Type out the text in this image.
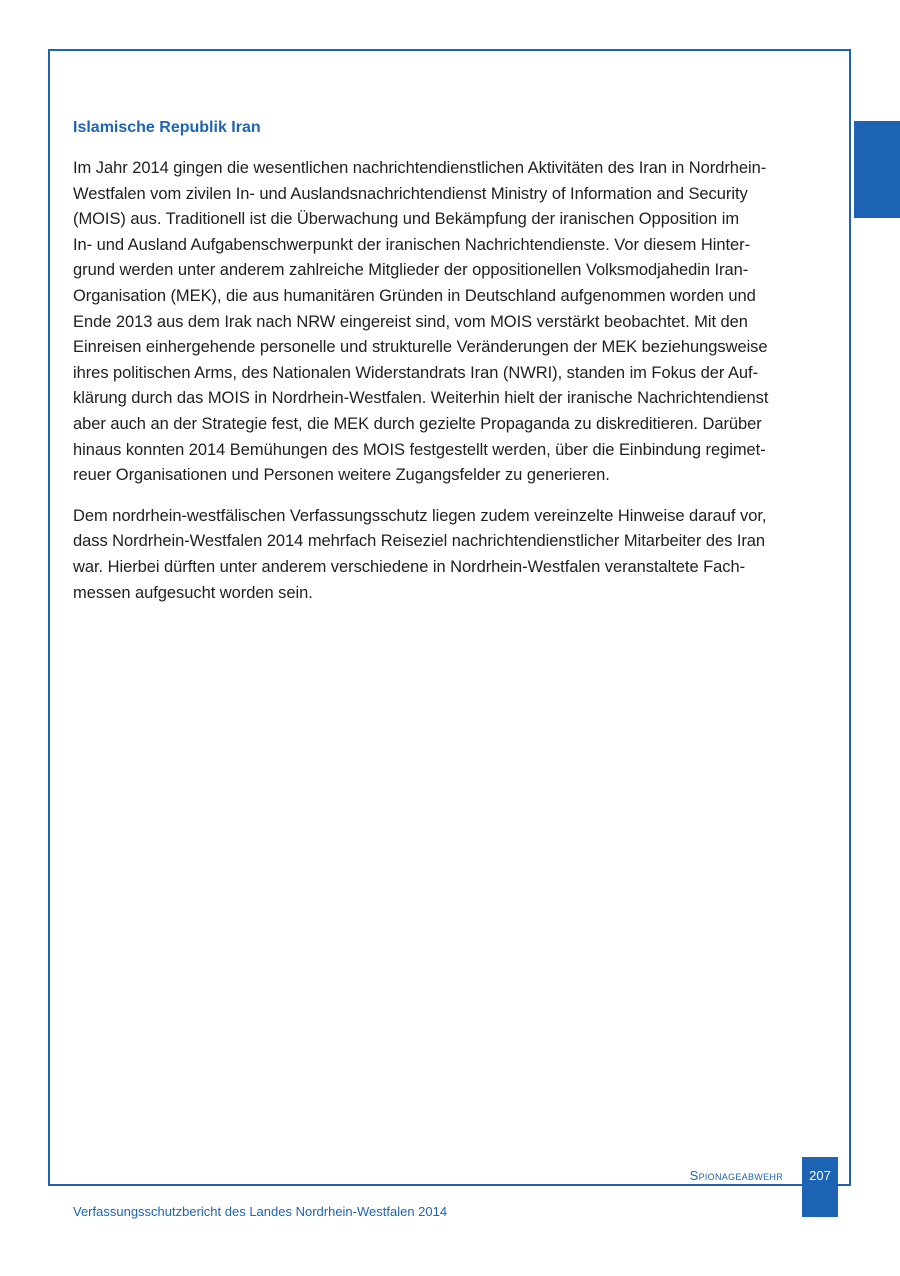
Islamische Republik Iran

Im Jahr 2014 gingen die wesentlichen nachrichtendienstlichen Aktivitäten des Iran in Nordrhein-
Westfalen vom zivilen In- und Auslandsnachrichtendienst Ministry of Information and Security
(MOIS) aus. Traditionell ist die Überwachung und Bekämpfung der iranischen Opposition im
In- und Ausland Aufgabenschwerpunkt der iranischen Nachrichtendienste. Vor diesem Hinter-
grund werden unter anderem zahlreiche Mitglieder der oppositionellen Volksmodjahedin Iran-
Organisation (MEK), die aus humanitären Gründen in Deutschland aufgenommen worden und
Ende 2013 aus dem Irak nach NRW eingereist sind, vom MOIS verstärkt beobachtet. Mit den
Einreisen einhergehende personelle und strukturelle Veränderungen der MEK beziehungsweise
ihres politischen Arms, des Nationalen Widerstandrats Iran (NWRI), standen im Fokus der Auf-
klärung durch das MOIS in Nordrhein-Westfalen. Weiterhin hielt der iranische Nachrichtendienst
aber auch an der Strategie fest, die MEK durch gezielte Propaganda zu diskreditieren. Darüber
hinaus konnten 2014 Bemühungen des MOIS festgestellt werden, über die Einbindung regimet-
reuer Organisationen und Personen weitere Zugangsfelder zu generieren.

Dem nordrhein-westfälischen Verfassungsschutz liegen zudem vereinzelte Hinweise darauf vor,
dass Nordrhein-Westfalen 2014 mehrfach Reiseziel nachrichtendienstlicher Mitarbeiter des Iran
war. Hierbei dürften unter anderem verschiedene in Nordrhein-Westfalen veranstaltete Fach-
messen aufgesucht worden sein.

Spionageabwehr	207
Verfassungsschutzbericht des Landes Nordrhein-Westfalen 2014
